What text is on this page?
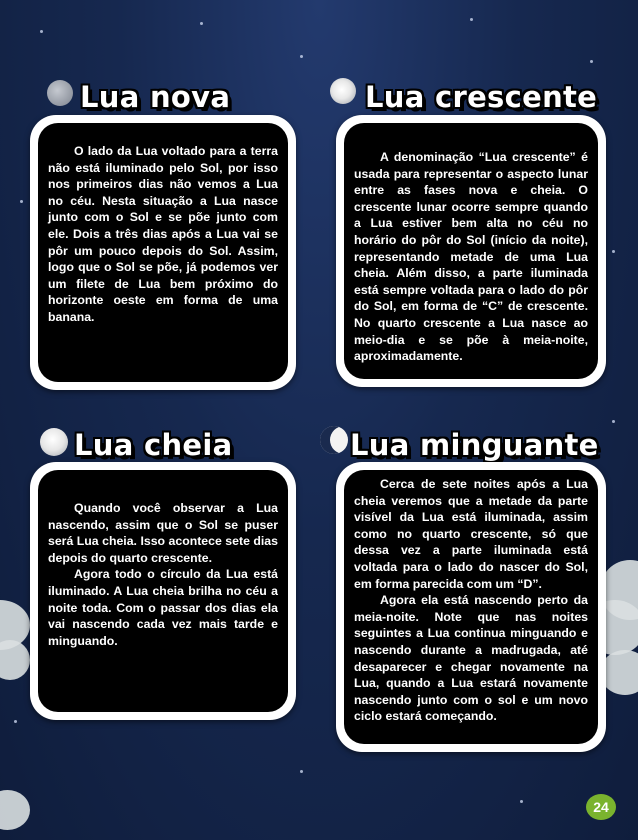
Lua nova

O lado da Lua voltado para a terra não está iluminado pelo Sol, por isso nos primeiros dias não vemos a Lua no céu. Nesta situação a Lua nasce junto com o Sol e se põe junto com ele. Dois a três dias após a Lua vai se pôr um pouco depois do Sol. Assim, logo que o Sol se põe, já podemos ver um filete de Lua bem próximo do horizonte oeste em forma de uma banana.

Lua crescente

A denominação “Lua crescente” é usada para representar o aspecto lunar entre as fases nova e cheia. O crescente lunar ocorre sempre quando a Lua estiver bem alta no céu no horário do pôr do Sol (início da noite), representando metade de uma Lua cheia. Além disso, a parte iluminada está sempre voltada para o lado do pôr do Sol, em forma de “C” de crescente. No quarto crescente a Lua nasce ao meio-dia e se põe à meia-noite, aproximadamente.

Lua cheia

Quando você observar a Lua nascendo, assim que o Sol se puser será Lua cheia. Isso acontece sete dias depois do quarto crescente.

Agora todo o círculo da Lua está iluminado. A Lua cheia brilha no céu a noite toda. Com o passar dos dias ela vai nascendo cada vez mais tarde e minguando.

Lua minguante

Cerca de sete noites após a Lua cheia veremos que a metade da parte visível da Lua está iluminada, assim como no quarto crescente, só que dessa vez a parte iluminada está voltada para o lado do nascer do Sol, em forma parecida com um “D”.

Agora ela está nascendo perto da meia-noite. Note que nas noites seguintes a Lua continua minguando e nascendo durante a madrugada, até desaparecer e chegar novamente na Lua, quando a Lua estará novamente nascendo junto com o sol e um novo ciclo estará começando.

24
